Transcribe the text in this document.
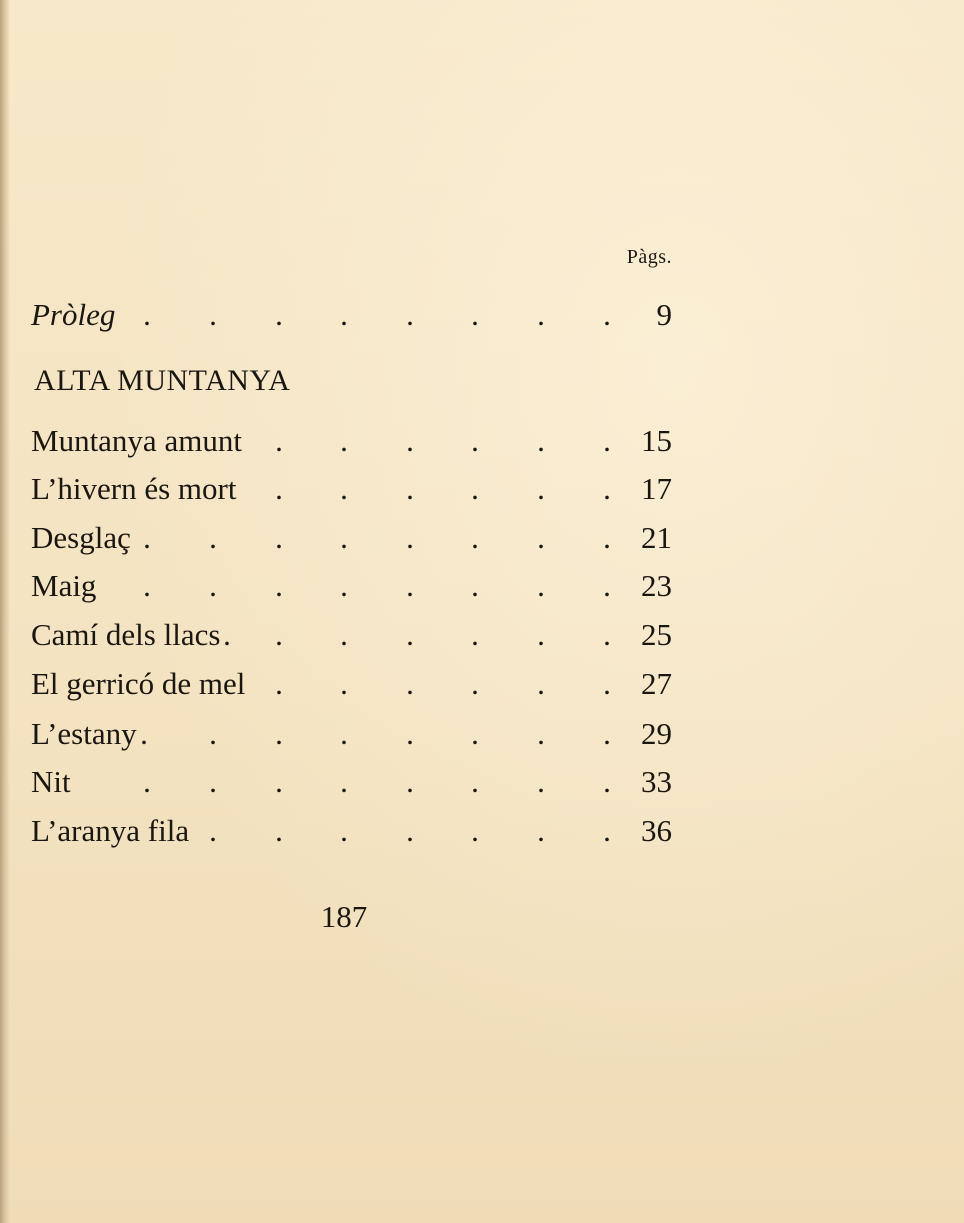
Pàgs.
. . . . . . . .
Pròleg	9
ALTA MUNTANYA
. . . . . .
Muntanya amunt	15
. . . . . .
L’hivern és mort	17
. . . . . . . .
Desglaç	21
. . . . . . . .
Maig	23
. . . . . . .
Camí dels llacs	25
. . . . . .
El gerricó de mel	27
. . . . . . . .
L’estany	29
. . . . . . . .
Nit	33
. . . . . . .
L’aranya fila	36
187
